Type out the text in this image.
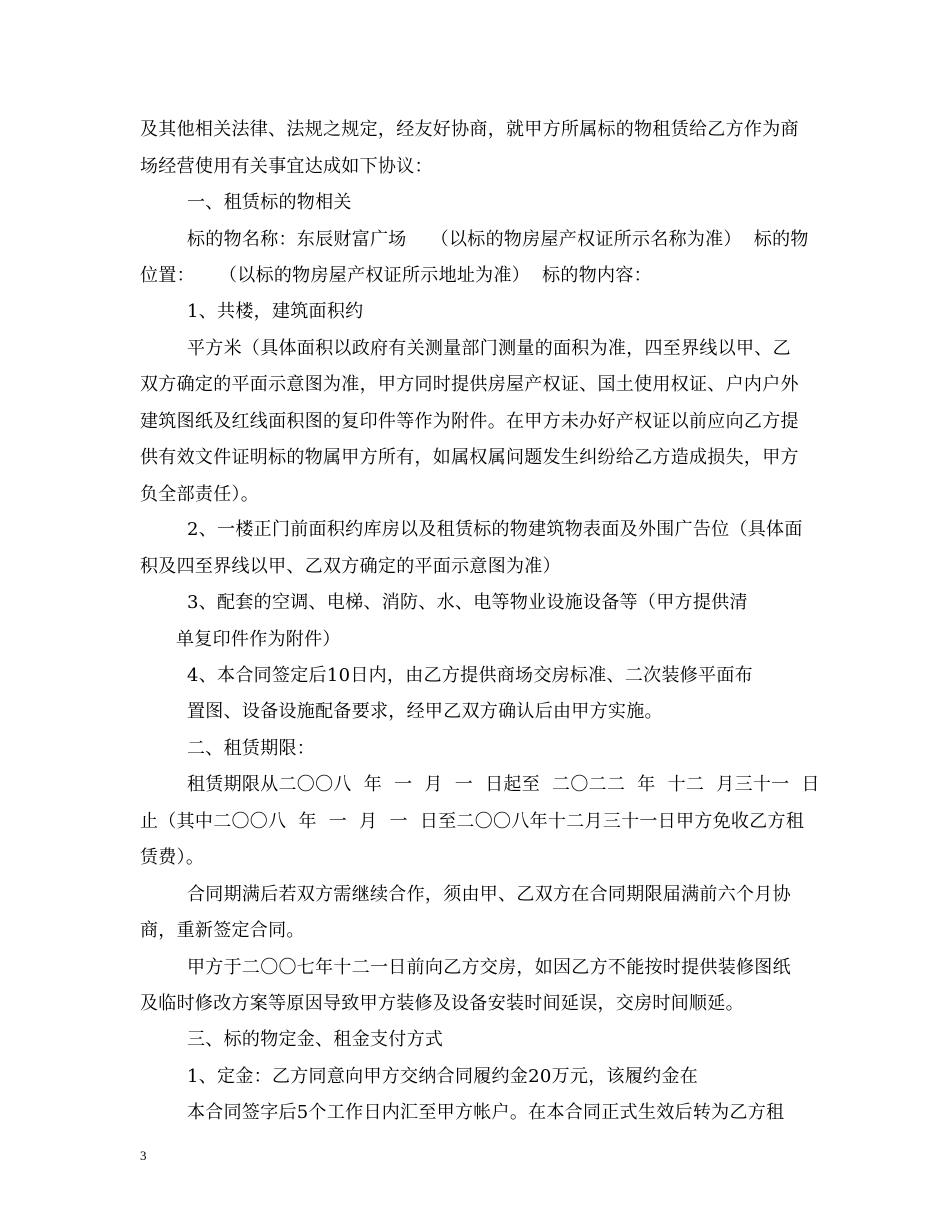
及其他相关法律、法规之规定，经友好协商，就甲方所属标的物租赁给乙方作为商
场经营使用有关事宜达成如下协议：
一、租赁标的物相关
标的物名称：东辰财富广场    （以标的物房屋产权证所示名称为准）  标的物
位置：    （以标的物房屋产权证所示地址为准）  标的物内容：
1、共楼，建筑面积约
平方米（具体面积以政府有关测量部门测量的面积为准，四至界线以甲、乙
双方确定的平面示意图为准，甲方同时提供房屋产权证、国土使用权证、户内户外
建筑图纸及红线面积图的复印件等作为附件。在甲方未办好产权证以前应向乙方提
供有效文件证明标的物属甲方所有，如属权属问题发生纠纷给乙方造成损失，甲方
负全部责任）。
2、一楼正门前面积约库房以及租赁标的物建筑物表面及外围广告位（具体面
积及四至界线以甲、乙双方确定的平面示意图为准）
3、配套的空调、电梯、消防、水、电等物业设施设备等（甲方提供清
单复印件作为附件）
4、本合同签定后10日内，由乙方提供商场交房标准、二次装修平面布
置图、设备设施配备要求，经甲乙双方确认后由甲方实施。
二、租赁期限：
租赁期限从二〇〇八  年  一  月  一  日起至  二〇二二  年  十二  月三十一  日
止（其中二〇〇八  年  一  月  一  日至二〇〇八年十二月三十一日甲方免收乙方租
赁费）。
合同期满后若双方需继续合作，须由甲、乙双方在合同期限届满前六个月协
商，重新签定合同。
甲方于二〇〇七年十二一日前向乙方交房，如因乙方不能按时提供装修图纸
及临时修改方案等原因导致甲方装修及设备安装时间延误，交房时间顺延。
三、标的物定金、租金支付方式
1、定金：乙方同意向甲方交纳合同履约金20万元，该履约金在
本合同签字后5个工作日内汇至甲方帐户。在本合同正式生效后转为乙方租
3
